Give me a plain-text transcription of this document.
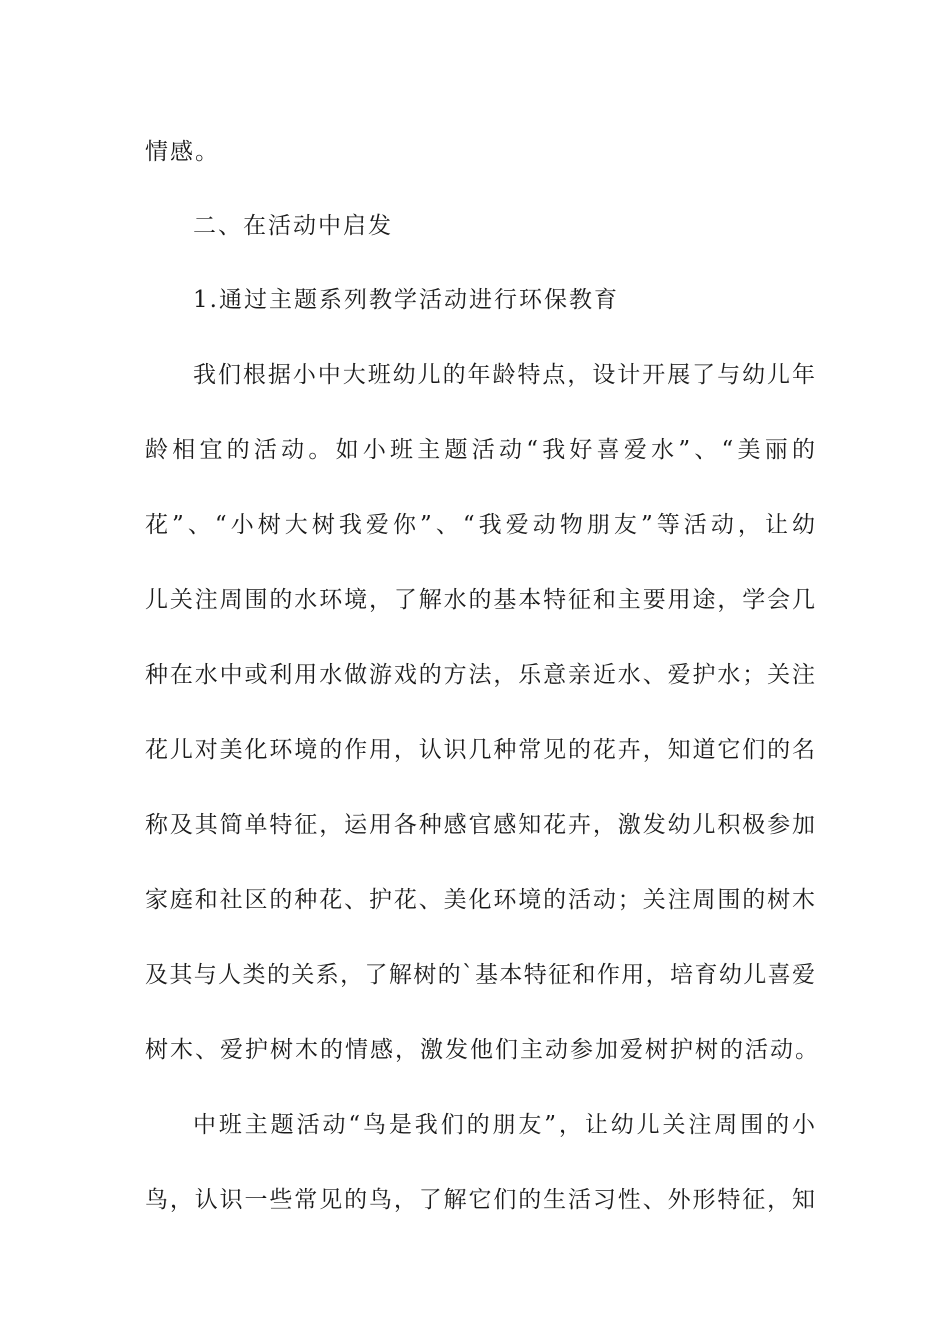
情感。
二、在活动中启发
1.通过主题系列教学活动进行环保教育
我们根据小中大班幼儿的年龄特点，设计开展了与幼儿年
龄相宜的活动。如小班主题活动“我好喜爱水”、“美丽的
花”、“小树大树我爱你”、“我爱动物朋友”等活动，让幼
儿关注周围的水环境，了解水的基本特征和主要用途，学会几
种在水中或利用水做游戏的方法，乐意亲近水、爱护水；关注
花儿对美化环境的作用，认识几种常见的花卉，知道它们的名
称及其简单特征，运用各种感官感知花卉，激发幼儿积极参加
家庭和社区的种花、护花、美化环境的活动；关注周围的树木
及其与人类的关系，了解树的`基本特征和作用，培育幼儿喜爱
树木、爱护树木的情感，激发他们主动参加爱树护树的活动。
中班主题活动“鸟是我们的朋友”，让幼儿关注周围的小
鸟，认识一些常见的鸟，了解它们的生活习性、外形特征，知
